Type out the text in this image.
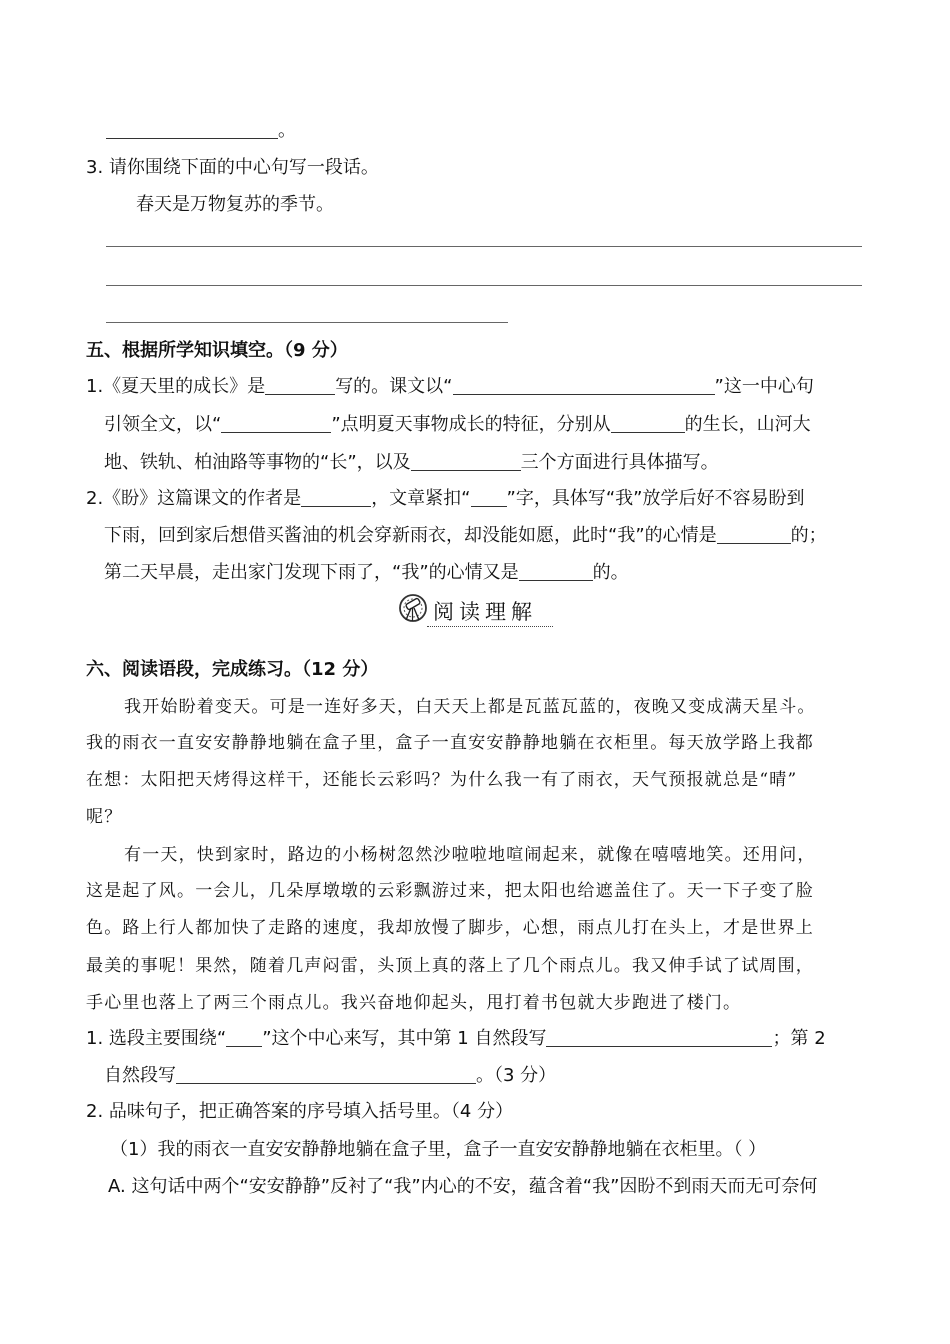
。
3. 请你围绕下面的中心句写一段话。
春天是万物复苏的季节。
五、根据所学知识填空。（9 分）
1.《夏天里的成长》是	写的。课文以“	”这一中心句
引领全文，以“	”点明夏天事物成长的特征，分别从	的生长，山河大
地、铁轨、柏油路等事物的“长”，以及	三个方面进行具体描写。
2.《盼》这篇课文的作者是	，文章紧扣“ ”字，具体写“我”放学后好不容易盼到
下雨，回到家后想借买酱油的机会穿新雨衣，却没能如愿，此时“我”的心情是	的；
第二天早晨，走出家门发现下雨了，“我”的心情又是	的。
阅读理解
六、阅读语段，完成练习。（12 分）
我开始盼着变天。可是一连好多天，白天天上都是瓦蓝瓦蓝的，夜晚又变成满天星斗。
我的雨衣一直安安静静地躺在盒子里，盒子一直安安静静地躺在衣柜里。每天放学路上我都
在想：太阳把天烤得这样干，还能长云彩吗？为什么我一有了雨衣，天气预报就总是“晴”
呢？
有一天，快到家时，路边的小杨树忽然沙啦啦地喧闹起来，就像在嘻嘻地笑。还用问，
这是起了风。一会儿，几朵厚墩墩的云彩飘游过来，把太阳也给遮盖住了。天一下子变了脸
色。路上行人都加快了走路的速度，我却放慢了脚步，心想，雨点儿打在头上，才是世界上
最美的事呢！果然，随着几声闷雷，头顶上真的落上了几个雨点儿。我又伸手试了试周围，
手心里也落上了两三个雨点儿。我兴奋地仰起头，甩打着书包就大步跑进了楼门。
1. 选段主要围绕“ ”这个中心来写，其中第 1 自然段写	；第 2
自然段写	。（3 分）
2. 品味句子，把正确答案的序号填入括号里。（4 分）
（1）我的雨衣一直安安静静地躺在盒子里，盒子一直安安静静地躺在衣柜里。（ ）
A. 这句话中两个“安安静静”反衬了“我”内心的不安，蕴含着“我”因盼不到雨天而无可奈何
